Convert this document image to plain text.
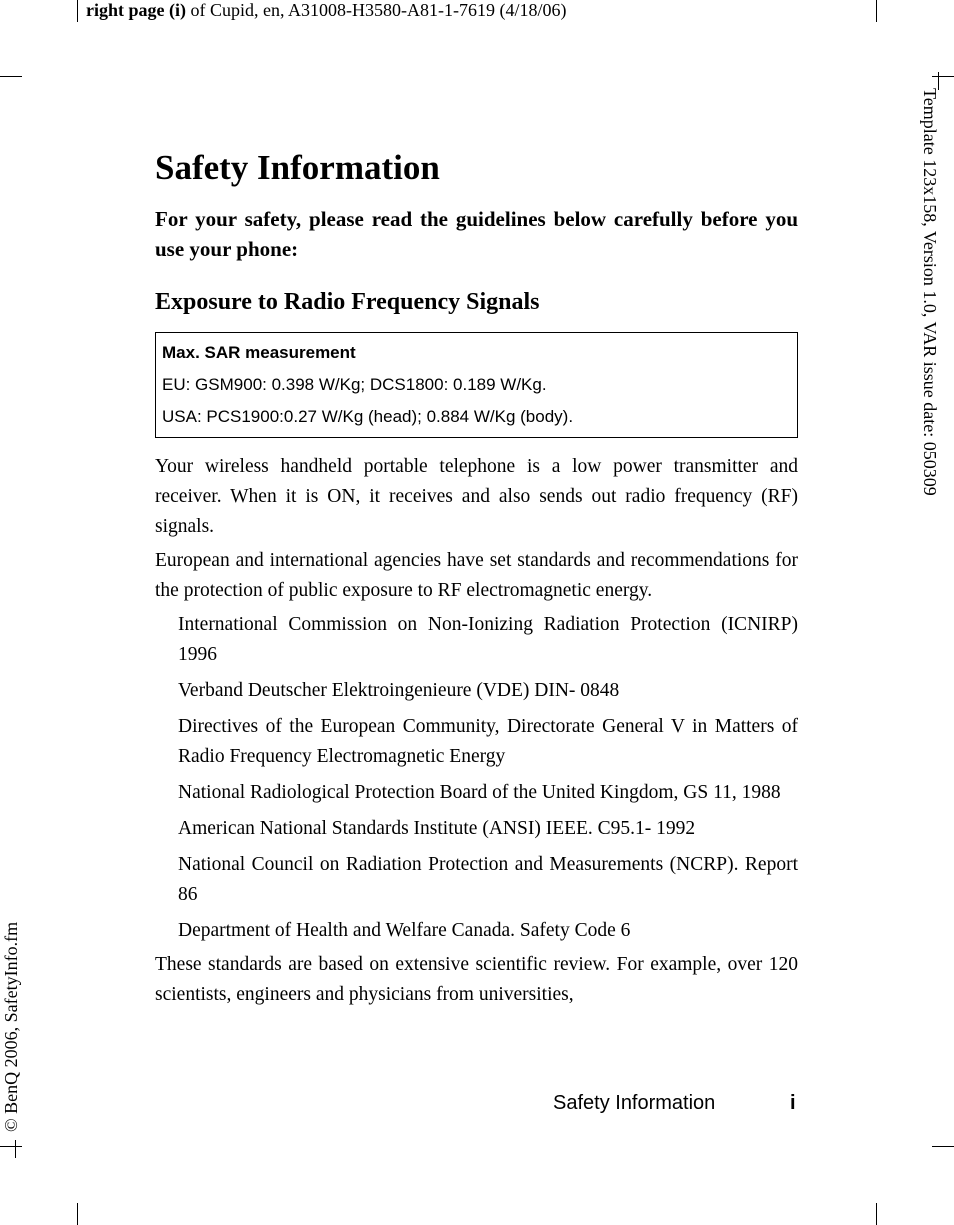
right page (i) of Cupid, en, A31008-H3580-A81-1-7619 (4/18/06)
Template 123x158, Version 1.0, VAR issue date: 050309
© BenQ 2006, SafetyInfo.fm
Safety Information

For your safety, please read the guidelines below carefully before you use your phone:

Exposure to Radio Frequency Signals
Max. SAR measurement
EU: GSM900: 0.398 W/Kg; DCS1800: 0.189 W/Kg.
USA: PCS1900:0.27 W/Kg (head); 0.884 W/Kg (body).

Your wireless handheld portable telephone is a low power transmitter and receiver. When it is ON, it receives and also sends out radio frequency (RF) signals.

European and international agencies have set standards and recommendations for the protection of public exposure to RF electromagnetic energy.

International Commission on Non-Ionizing Radiation Protection (ICNIRP) 1996
Verband Deutscher Elektroingenieure (VDE) DIN- 0848
Directives of the European Community, Directorate General V in Matters of Radio Frequency Electromagnetic Energy
National Radiological Protection Board of the United Kingdom, GS 11, 1988
American National Standards Institute (ANSI) IEEE. C95.1- 1992
National Council on Radiation Protection and Measurements (NCRP). Report 86
Department of Health and Welfare Canada. Safety Code 6

These standards are based on extensive scientific review. For example, over 120 scientists, engineers and physicians from universities,

Safety Information	i
